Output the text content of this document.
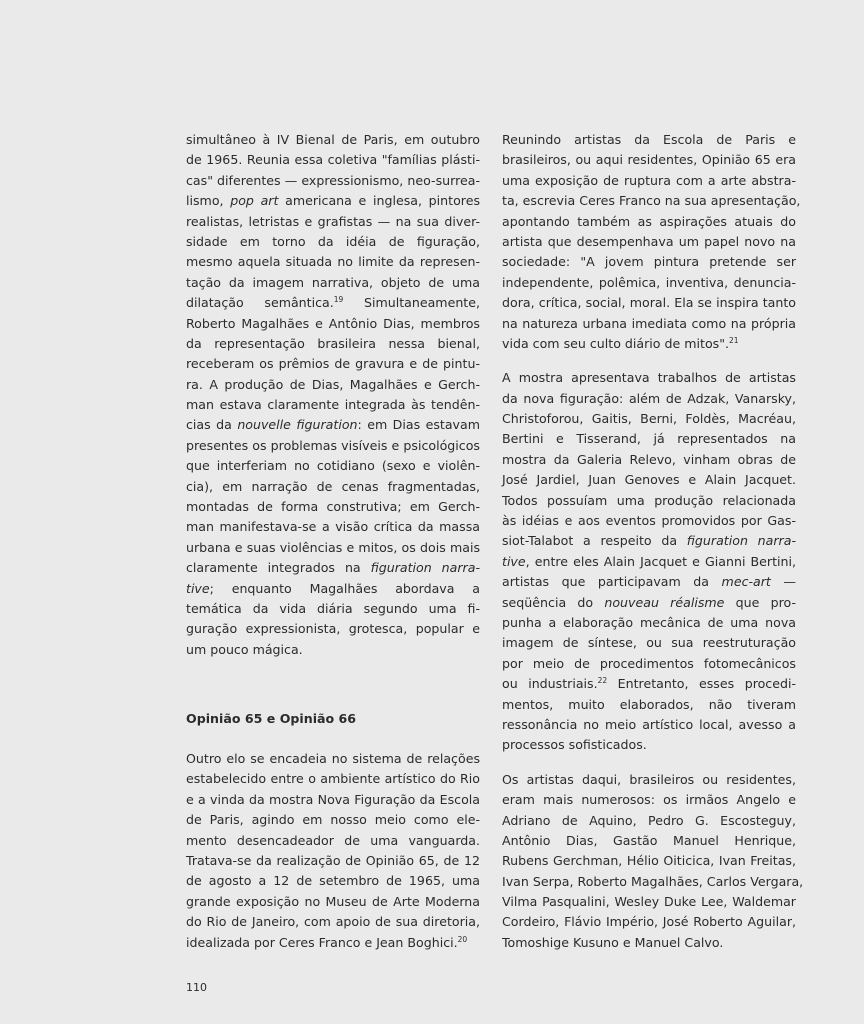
simultâneo à IV Bienal de Paris, em outubro
de 1965. Reunia essa coletiva "famílias plásti-
cas" diferentes — expressionismo, neo-surrea-
lismo, pop art americana e inglesa, pintores
realistas, letristas e grafistas — na sua diver-
sidade em torno da idéia de figuração,
mesmo aquela situada no limite da represen-
tação da imagem narrativa, objeto de uma
dilatação semântica.$^{19}$ Simultaneamente,
Roberto Magalhães e Antônio Dias, membros
da representação brasileira nessa bienal,
receberam os prêmios de gravura e de pintu-
ra. A produção de Dias, Magalhães e Gerch-
man estava claramente integrada às tendên-
cias da nouvelle figuration: em Dias estavam
presentes os problemas visíveis e psicológicos
que interferiam no cotidiano (sexo e violên-
cia), em narração de cenas fragmentadas,
montadas de forma construtiva; em Gerch-
man manifestava-se a visão crítica da massa
urbana e suas violências e mitos, os dois mais
claramente integrados na figuration narra-
tive; enquanto Magalhães abordava a
temática da vida diária segundo uma fi-
guração expressionista, grotesca, popular e
um pouco mágica.
Opinião 65 e Opinião 66
Outro elo se encadeia no sistema de relações
estabelecido entre o ambiente artístico do Rio
e a vinda da mostra Nova Figuração da Escola
de Paris, agindo em nosso meio como ele-
mento desencadeador de uma vanguarda.
Tratava-se da realização de Opinião 65, de 12
de agosto a 12 de setembro de 1965, uma
grande exposição no Museu de Arte Moderna
do Rio de Janeiro, com apoio de sua diretoria,
idealizada por Ceres Franco e Jean Boghici.$^{20}$
Reunindo artistas da Escola de Paris e
brasileiros, ou aqui residentes, Opinião 65 era
uma exposição de ruptura com a arte abstra-
ta, escrevia Ceres Franco na sua apresentação,
apontando também as aspirações atuais do
artista que desempenhava um papel novo na
sociedade: "A jovem pintura pretende ser
independente, polêmica, inventiva, denuncia-
dora, crítica, social, moral. Ela se inspira tanto
na natureza urbana imediata como na própria
vida com seu culto diário de mitos".$^{21}$
A mostra apresentava trabalhos de artistas
da nova figuração: além de Adzak, Vanarsky,
Christoforou, Gaitis, Berni, Foldès, Macréau,
Bertini e Tisserand, já representados na
mostra da Galeria Relevo, vinham obras de
José Jardiel, Juan Genoves e Alain Jacquet.
Todos possuíam uma produção relacionada
às idéias e aos eventos promovidos por Gas-
siot-Talabot a respeito da figuration narra-
tive, entre eles Alain Jacquet e Gianni Bertini,
artistas que participavam da mec-art —
seqüência do nouveau réalisme que pro-
punha a elaboração mecânica de uma nova
imagem de síntese, ou sua reestruturação
por meio de procedimentos fotomecânicos
ou industriais.$^{22}$ Entretanto, esses procedi-
mentos, muito elaborados, não tiveram
ressonância no meio artístico local, avesso a
processos sofisticados.
Os artistas daqui, brasileiros ou residentes,
eram mais numerosos: os irmãos Angelo e
Adriano de Aquino, Pedro G. Escosteguy,
Antônio Dias, Gastão Manuel Henrique,
Rubens Gerchman, Hélio Oiticica, Ivan Freitas,
Ivan Serpa, Roberto Magalhães, Carlos Vergara,
Vilma Pasqualini, Wesley Duke Lee, Waldemar
Cordeiro, Flávio Império, José Roberto Aguilar,
Tomoshige Kusuno e Manuel Calvo.
110
